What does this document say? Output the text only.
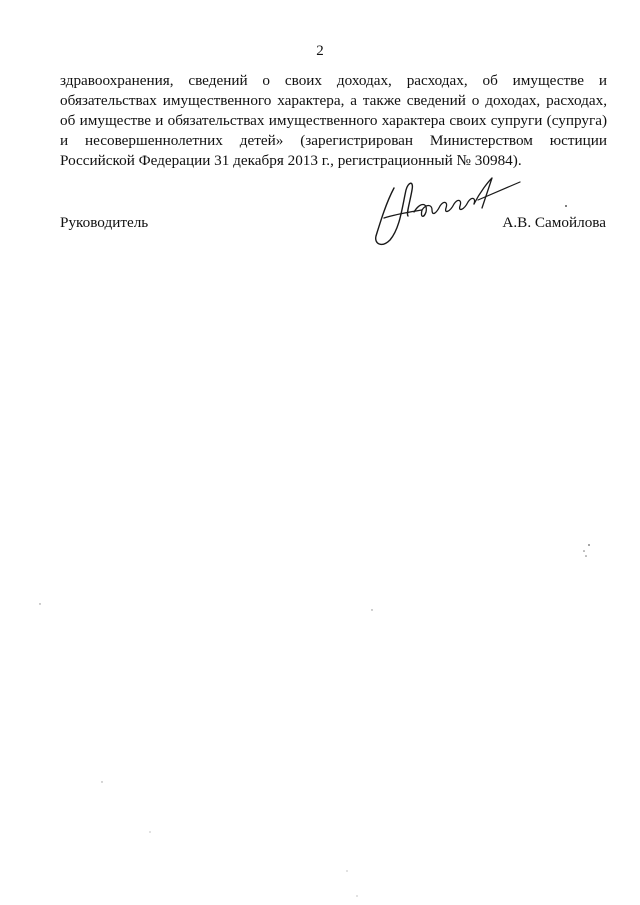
2
здравоохранения, сведений о своих доходах, расходах, об имуществе и
обязательствах имущественного характера, а также сведений о доходах, расходах,
об имуществе и обязательствах имущественного характера своих супруги (супруга)
и несовершеннолетних детей» (зарегистрирован Министерством юстиции
Российской Федерации 31 декабря 2013 г., регистрационный № 30984).
Руководитель	А.В. Самойлова
